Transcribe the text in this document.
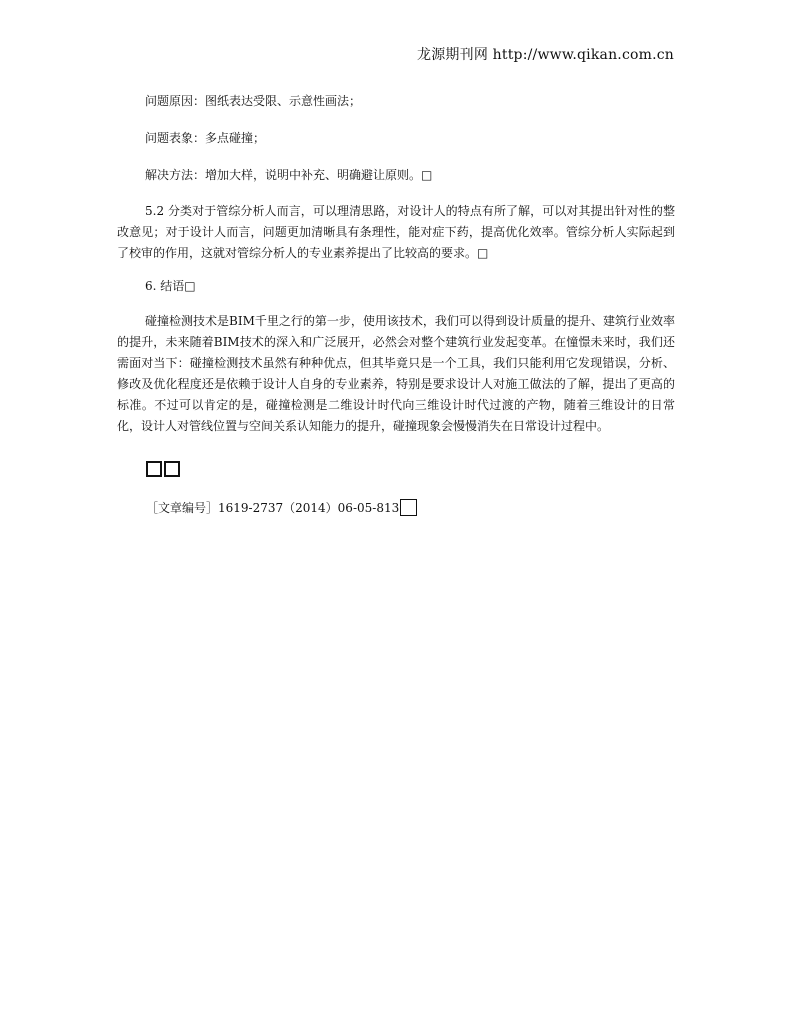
龙源期刊网 http://www.qikan.com.cn
问题原因：图纸表达受限、示意性画法；
问题表象：多点碰撞；
解决方法：增加大样，说明中补充、明确避让原则。□
5.2 分类对于管综分析人而言，可以理清思路，对设计人的特点有所了解，可以对其提出针对性的整改意见；对于设计人而言，问题更加清晰具有条理性，能对症下药，提高优化效率。管综分析人实际起到了校审的作用，这就对管综分析人的专业素养提出了比较高的要求。□
6. 结语□
碰撞检测技术是BIM千里之行的第一步，使用该技术，我们可以得到设计质量的提升、建筑行业效率的提升，未来随着BIM技术的深入和广泛展开，必然会对整个建筑行业发起变革。在憧憬未来时，我们还需面对当下：碰撞检测技术虽然有种种优点，但其毕竟只是一个工具，我们只能利用它发现错误，分析、修改及优化程度还是依赖于设计人自身的专业素养，特别是要求设计人对施工做法的了解，提出了更高的标准。不过可以肯定的是，碰撞检测是二维设计时代向三维设计时代过渡的产物，随着三维设计的日常化，设计人对管线位置与空间关系认知能力的提升，碰撞现象会慢慢消失在日常设计过程中。
［文章编号］1619-2737（2014）06-05-813
